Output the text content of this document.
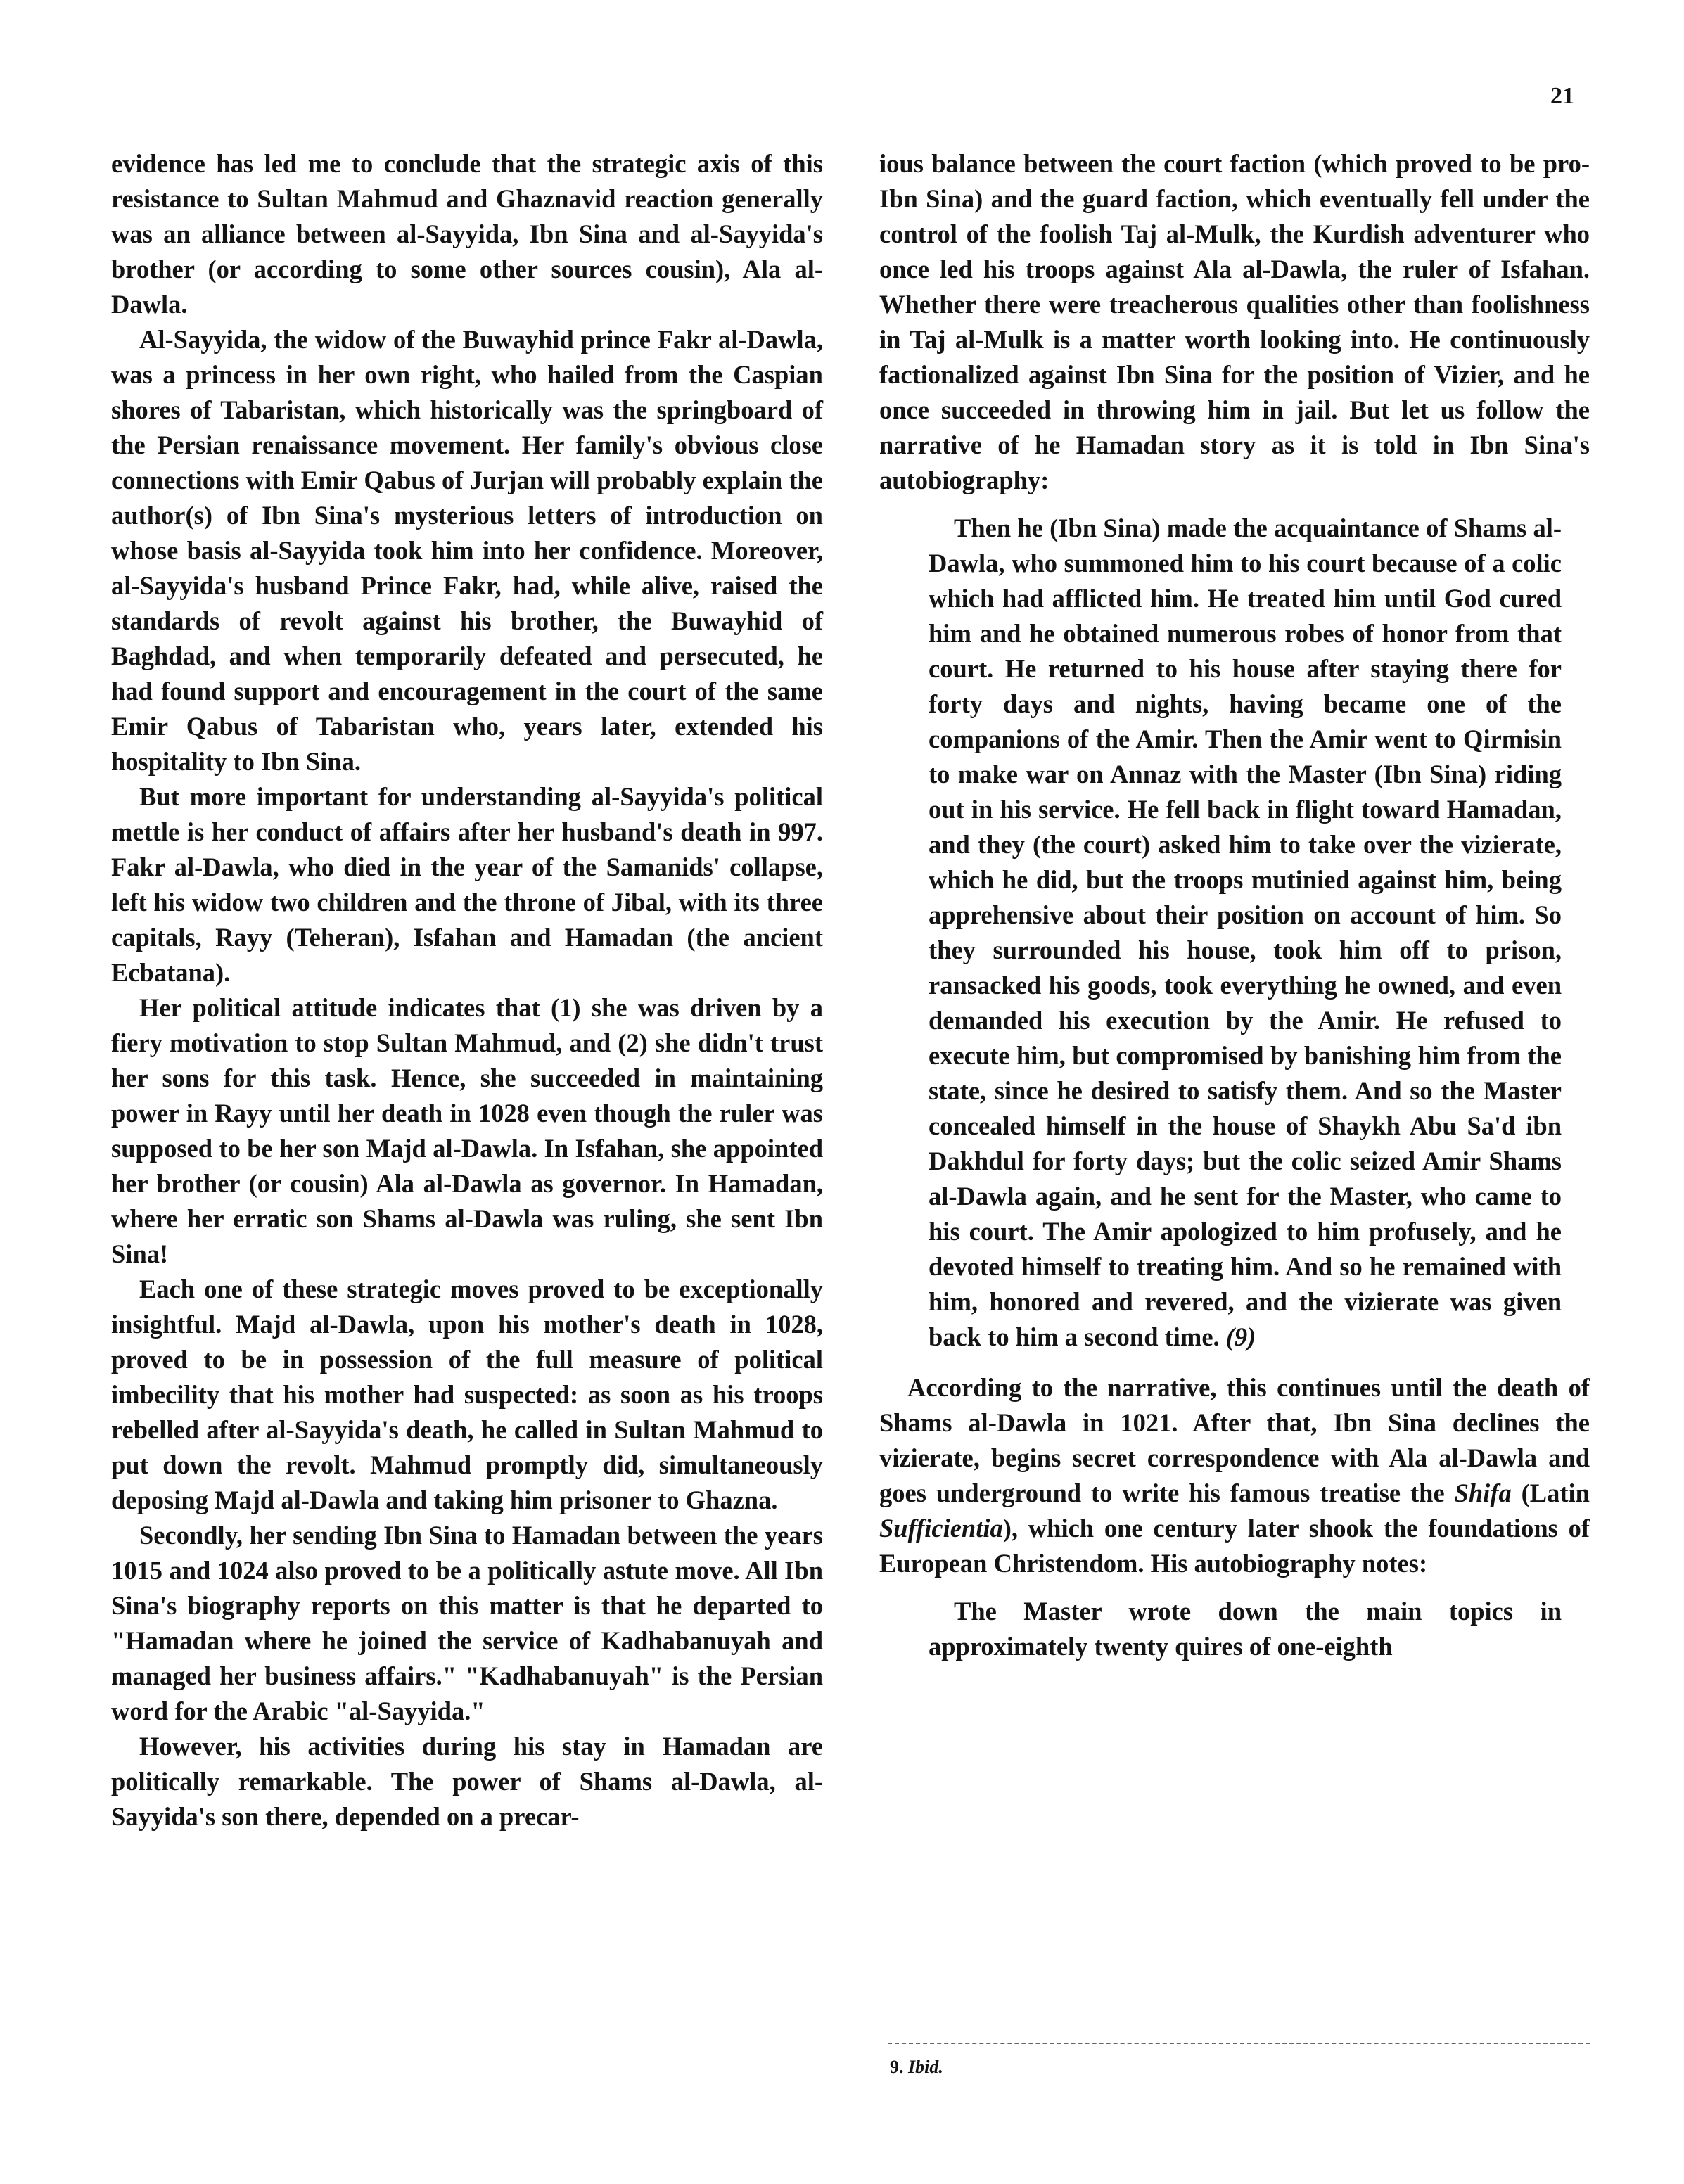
21

evidence has led me to conclude that the strategic axis of this resistance to Sultan Mahmud and Ghaznavid reaction generally was an alliance between al-Sayyida, Ibn Sina and al-Sayyida's brother (or according to some other sources cousin), Ala al-Dawla.

Al-Sayyida, the widow of the Buwayhid prince Fakr al-Dawla, was a princess in her own right, who hailed from the Caspian shores of Tabaristan, which historically was the springboard of the Persian renaissance movement. Her family's obvious close connections with Emir Qabus of Jurjan will probably explain the author(s) of Ibn Sina's mysterious letters of introduction on whose basis al-Sayyida took him into her confidence. Moreover, al-Sayyida's husband Prince Fakr, had, while alive, raised the standards of revolt against his brother, the Buwayhid of Baghdad, and when temporarily defeated and persecuted, he had found support and encouragement in the court of the same Emir Qabus of Tabaristan who, years later, extended his hospitality to Ibn Sina.

But more important for understanding al-Sayyida's political mettle is her conduct of affairs after her husband's death in 997. Fakr al-Dawla, who died in the year of the Samanids' collapse, left his widow two children and the throne of Jibal, with its three capitals, Rayy (Teheran), Isfahan and Hamadan (the ancient Ecbatana).

Her political attitude indicates that (1) she was driven by a fiery motivation to stop Sultan Mahmud, and (2) she didn't trust her sons for this task. Hence, she succeeded in maintaining power in Rayy until her death in 1028 even though the ruler was supposed to be her son Majd al-Dawla. In Isfahan, she appointed her brother (or cousin) Ala al-Dawla as governor. In Hamadan, where her erratic son Shams al-Dawla was ruling, she sent Ibn Sina!

Each one of these strategic moves proved to be exceptionally insightful. Majd al-Dawla, upon his mother's death in 1028, proved to be in possession of the full measure of political imbecility that his mother had suspected: as soon as his troops rebelled after al-Sayyida's death, he called in Sultan Mahmud to put down the revolt. Mahmud promptly did, simultaneously deposing Majd al-Dawla and taking him prisoner to Ghazna.

Secondly, her sending Ibn Sina to Hamadan between the years 1015 and 1024 also proved to be a politically astute move. All Ibn Sina's biography reports on this matter is that he departed to "Hamadan where he joined the service of Kadhabanuyah and managed her business affairs." "Kadhabanuyah" is the Persian word for the Arabic "al-Sayyida."

However, his activities during his stay in Hamadan are politically remarkable. The power of Shams al-Dawla, al-Sayyida's son there, depended on a precar-

ious balance between the court faction (which proved to be pro-Ibn Sina) and the guard faction, which eventually fell under the control of the foolish Taj al-Mulk, the Kurdish adventurer who once led his troops against Ala al-Dawla, the ruler of Isfahan. Whether there were treacherous qualities other than foolishness in Taj al-Mulk is a matter worth looking into. He continuously factionalized against Ibn Sina for the position of Vizier, and he once succeeded in throwing him in jail. But let us follow the narrative of he Hamadan story as it is told in Ibn Sina's autobiography:

Then he (Ibn Sina) made the acquaintance of Shams al-Dawla, who summoned him to his court because of a colic which had afflicted him. He treated him until God cured him and he obtained numerous robes of honor from that court. He returned to his house after staying there for forty days and nights, having became one of the companions of the Amir. Then the Amir went to Qirmisin to make war on Annaz with the Master (Ibn Sina) riding out in his service. He fell back in flight toward Hamadan, and they (the court) asked him to take over the vizierate, which he did, but the troops mutinied against him, being apprehensive about their position on account of him. So they surrounded his house, took him off to prison, ransacked his goods, took everything he owned, and even demanded his execution by the Amir. He refused to execute him, but compromised by banishing him from the state, since he desired to satisfy them. And so the Master concealed himself in the house of Shaykh Abu Sa'd ibn Dakhdul for forty days; but the colic seized Amir Shams al-Dawla again, and he sent for the Master, who came to his court. The Amir apologized to him profusely, and he devoted himself to treating him. And so he remained with him, honored and revered, and the vizierate was given back to him a second time. (9)

According to the narrative, this continues until the death of Shams al-Dawla in 1021. After that, Ibn Sina declines the vizierate, begins secret correspondence with Ala al-Dawla and goes underground to write his famous treatise the Shifa (Latin Sufficientia), which one century later shook the foundations of European Christendom. His autobiography notes:

The Master wrote down the main topics in approximately twenty quires of one-eighth

9. Ibid.
